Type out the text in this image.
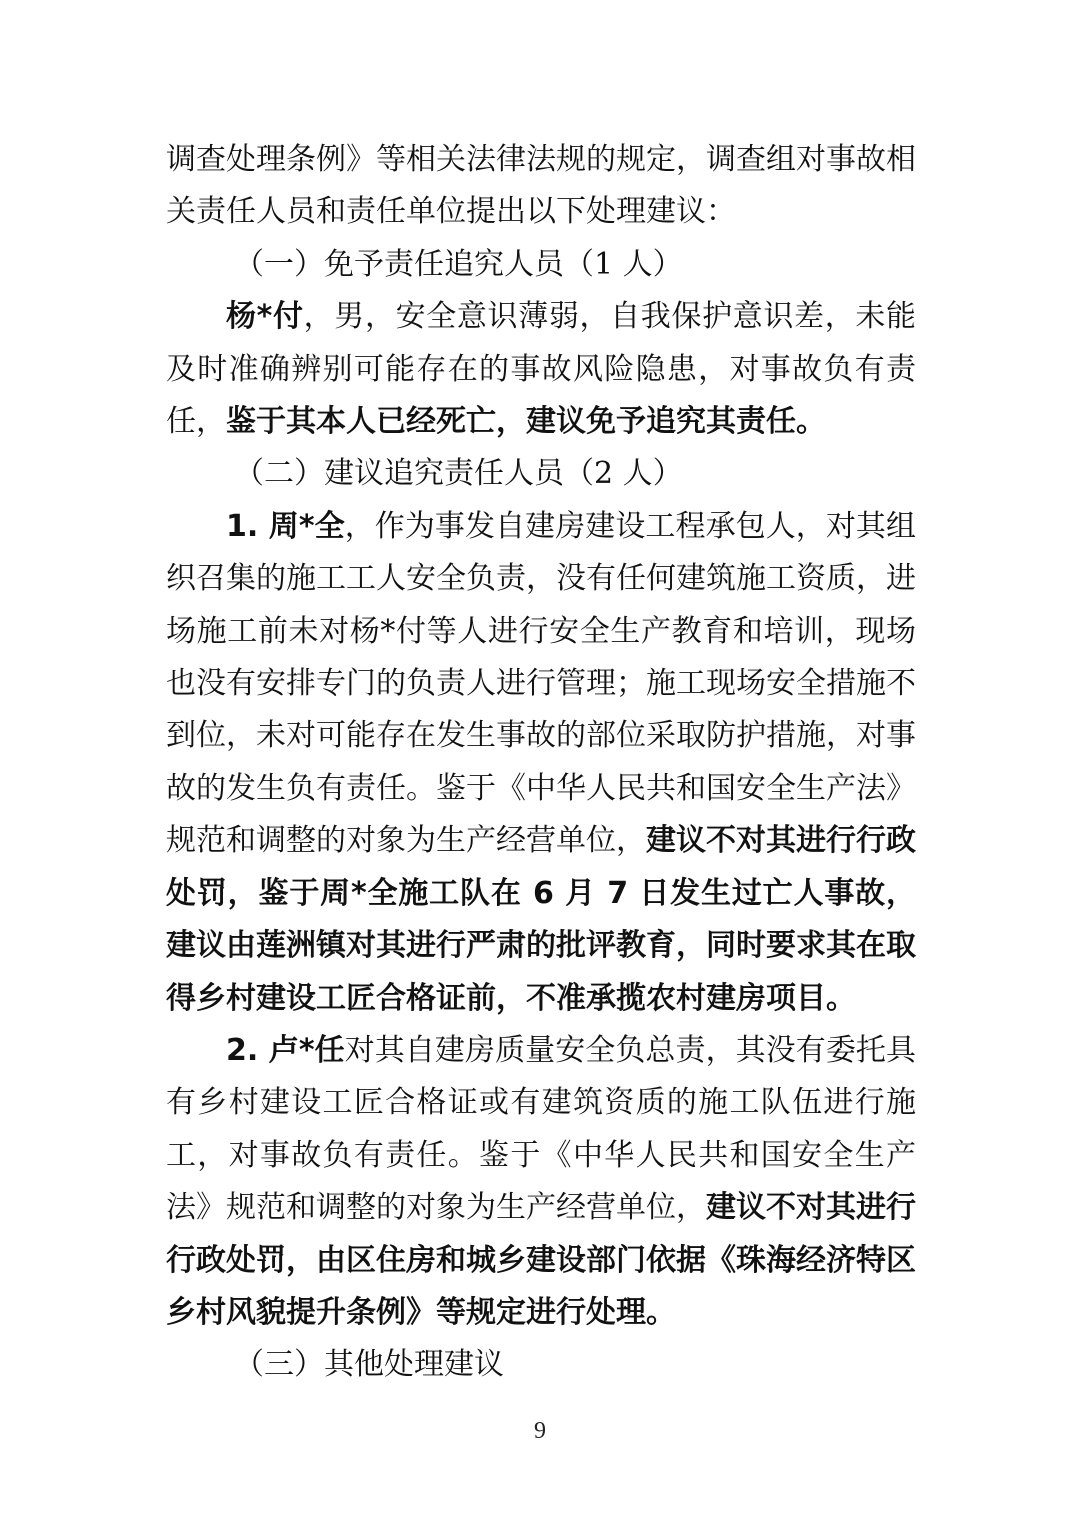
调查处理条例》等相关法律法规的规定，调查组对事故相关责任人员和责任单位提出以下处理建议：

（一）免予责任追究人员（1 人）

杨*付，男，安全意识薄弱，自我保护意识差，未能及时准确辨别可能存在的事故风险隐患，对事故负有责任，鉴于其本人已经死亡，建议免予追究其责任。

（二）建议追究责任人员（2 人）

1. 周*全，作为事发自建房建设工程承包人，对其组织召集的施工工人安全负责，没有任何建筑施工资质，进场施工前未对杨*付等人进行安全生产教育和培训，现场也没有安排专门的负责人进行管理；施工现场安全措施不到位，未对可能存在发生事故的部位采取防护措施，对事故的发生负有责任。鉴于《中华人民共和国安全生产法》规范和调整的对象为生产经营单位，建议不对其进行行政处罚，鉴于周*全施工队在 6 月 7 日发生过亡人事故，建议由莲洲镇对其进行严肃的批评教育，同时要求其在取得乡村建设工匠合格证前，不准承揽农村建房项目。

2. 卢*任对其自建房质量安全负总责，其没有委托具有乡村建设工匠合格证或有建筑资质的施工队伍进行施工，对事故负有责任。鉴于《中华人民共和国安全生产法》规范和调整的对象为生产经营单位，建议不对其进行行政处罚，由区住房和城乡建设部门依据《珠海经济特区乡村风貌提升条例》等规定进行处理。

（三）其他处理建议

9
